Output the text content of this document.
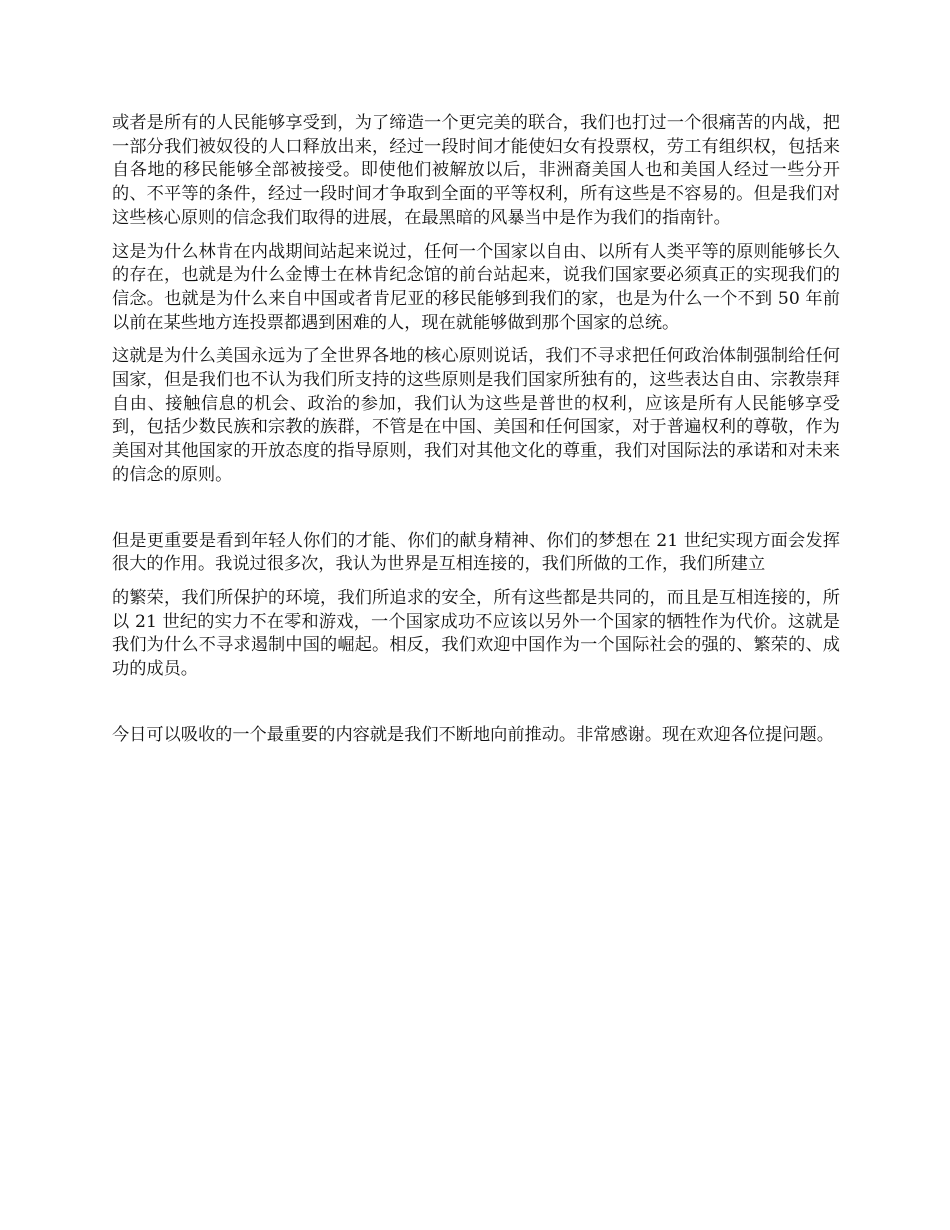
或者是所有的人民能够享受到，为了缔造一个更完美的联合，我们也打过一个很痛苦的内战，把一部分我们被奴役的人口释放出来，经过一段时间才能使妇女有投票权，劳工有组织权，包括来自各地的移民能够全部被接受。即使他们被解放以后，非洲裔美国人也和美国人经过一些分开的、不平等的条件，经过一段时间才争取到全面的平等权利，所有这些是不容易的。但是我们对这些核心原则的信念我们取得的进展，在最黑暗的风暴当中是作为我们的指南针。

这是为什么林肯在内战期间站起来说过，任何一个国家以自由、以所有人类平等的原则能够长久的存在，也就是为什么金博士在林肯纪念馆的前台站起来，说我们国家要必须真正的实现我们的信念。也就是为什么来自中国或者肯尼亚的移民能够到我们的家，也是为什么一个不到 50 年前以前在某些地方连投票都遇到困难的人，现在就能够做到那个国家的总统。

这就是为什么美国永远为了全世界各地的核心原则说话，我们不寻求把任何政治体制强制给任何国家，但是我们也不认为我们所支持的这些原则是我们国家所独有的，这些表达自由、宗教崇拜自由、接触信息的机会、政治的参加，我们认为这些是普世的权利，应该是所有人民能够享受到，包括少数民族和宗教的族群，不管是在中国、美国和任何国家，对于普遍权利的尊敬，作为美国对其他国家的开放态度的指导原则，我们对其他文化的尊重，我们对国际法的承诺和对未来的信念的原则。

但是更重要是看到年轻人你们的才能、你们的献身精神、你们的梦想在 21 世纪实现方面会发挥很大的作用。我说过很多次，我认为世界是互相连接的，我们所做的工作，我们所建立

的繁荣，我们所保护的环境，我们所追求的安全，所有这些都是共同的，而且是互相连接的，所以 21 世纪的实力不在零和游戏，一个国家成功不应该以另外一个国家的牺牲作为代价。这就是我们为什么不寻求遏制中国的崛起。相反，我们欢迎中国作为一个国际社会的强的、繁荣的、成功的成员。

今日可以吸收的一个最重要的内容就是我们不断地向前推动。非常感谢。现在欢迎各位提问题。
